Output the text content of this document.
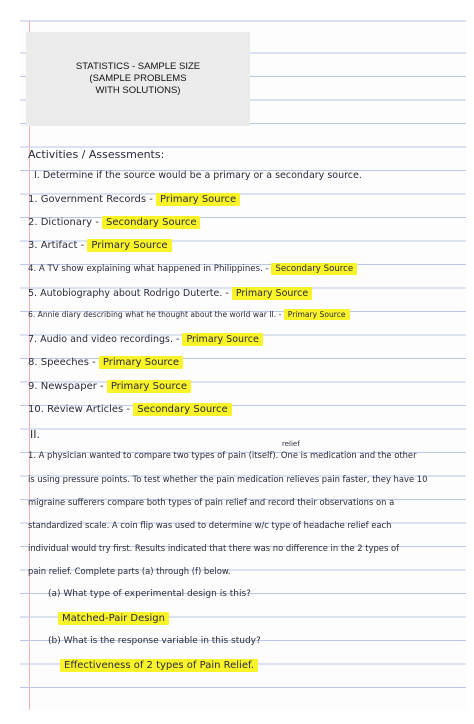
STATISTICS - SAMPLE SIZE
(SAMPLE PROBLEMS
WITH SOLUTIONS)
Activities / Assessments:
I. Determine if the source would be a primary or a secondary source.
1. Government Records - Primary Source
2. Dictionary - Secondary Source
3. Artifact - Primary Source
4. A TV show explaining what happened in Philippines. - Secondary Source
5. Autobiography about Rodrigo Duterte. - Primary Source
6. Annie diary describing what he thought about the world war II. - Primary Source
7. Audio and video recordings. - Primary Source
8. Speeches - Primary Source
9. Newspaper - Primary Source
10. Review Articles - Secondary Source
II.
relief
1. A physician wanted to compare two types of pain (itself). One is medication and the other
is using pressure points. To test whether the pain medication relieves pain faster, they have 10
migraine sufferers compare both types of pain relief and record their observations on a
standardized scale. A coin flip was used to determine w/c type of headache relief each
individual would try first. Results indicated that there was no difference in the 2 types of
pain relief. Complete parts (a) through (f) below.
(a) What type of experimental design is this?
Matched-Pair Design
(b) What is the response variable in this study?
Effectiveness of 2 types of Pain Relief.
